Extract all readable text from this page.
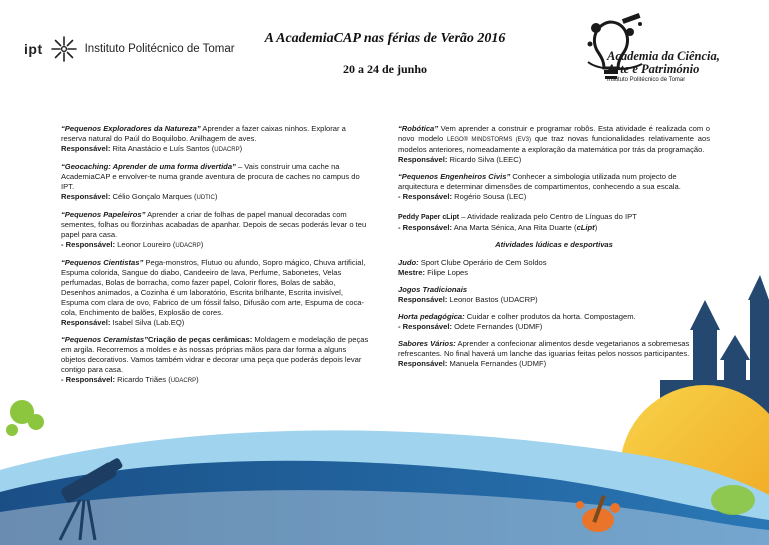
ipt	Instituto Politécnico de Tomar
A AcademiaCAP nas férias de Verão 2016
20 a 24 de junho
Academia da Ciência,
Arte e Património
Instituto Politécnico de Tomar

“Pequenos Exploradores da Natureza” Aprender a fazer caixas ninhos. Explorar a reserva natural do Paúl do Boquilobo. Anilhagem de aves.

Responsável: Rita Anastácio e Luís Santos (UDACRP)

“Geocaching: Aprender de uma forma divertida” – Vais construir uma cache na AcademiaCAP e envolver-te numa grande aventura de procura de caches no campus do IPT.

Responsável: Célio Gonçalo Marques (UDTIC)

“Pequenos Papeleiros” Aprender a criar de folhas de papel manual decoradas com sementes, folhas ou florzinhas acabadas de apanhar. Depois de secas poderás levar o teu papel para casa.

- Responsável: Leonor Loureiro (UDACRP)

“Pequenos Cientistas” Pega-monstros, Flutuo ou afundo, Sopro mágico, Chuva artificial, Espuma colorida, Sangue do diabo, Candeeiro de lava, Perfume, Sabonetes, Velas perfumadas, Bolas de borracha, como fazer papel, Colorir flores, Bolas de sabão, Desenhos animados, a Cozinha é um laboratório, Escrita brilhante, Escrita invisível, Espuma com clara de ovo, Fabrico de um fóssil falso, Difusão com arte, Espuma de coca-cola, Enchimento de balões, Explosão de cores.

Responsável: Isabel Silva (Lab.EQ)

“Pequenos Ceramistas”Criação de peças cerâmicas: Moldagem e modelação de peças em argila. Recorremos a moldes e às nossas próprias mãos para dar forma a alguns objetos decorativos. Vamos também vidrar e decorar uma peça que poderás depois levar contigo para casa.

- Responsável: Ricardo Triães (UDACRP)

“Robótica” Vem aprender a construir e programar robôs. Esta atividade é realizada com o novo modelo LEGO® MINDSTORMS (EV3) que traz novas funcionalidades relativamente aos modelos anteriores, nomeadamente a exploração da matemática por trás da programação.

Responsável: Ricardo Silva (LEEC)

“Pequenos Engenheiros Civis” Conhecer a simbologia utilizada num projecto de arquitectura e determinar dimensões de compartimentos, conhecendo a sua escala.

- Responsável: Rogério Sousa (LEC)

Peddy Paper cLipt – Atividade realizada pelo Centro de Línguas do IPT

- Responsável: Ana Marta Sénica, Ana Rita Duarte (cLipt)

Atividades lúdicas e desportivas

Judo: Sport Clube Operário de Cem Soldos

Mestre: Filipe Lopes

Jogos Tradicionais

Responsável: Leonor Bastos (UDACRP)

Horta pedagógica: Cuidar e colher produtos da horta. Compostagem.

- Responsável: Odete Fernandes (UDMF)

Sabores Vários: Aprender a confecionar alimentos desde vegetarianos a sobremesas refrescantes. No final haverá um lanche das iguarias feitas pelos nossos participantes.

Responsável: Manuela Fernandes (UDMF)
